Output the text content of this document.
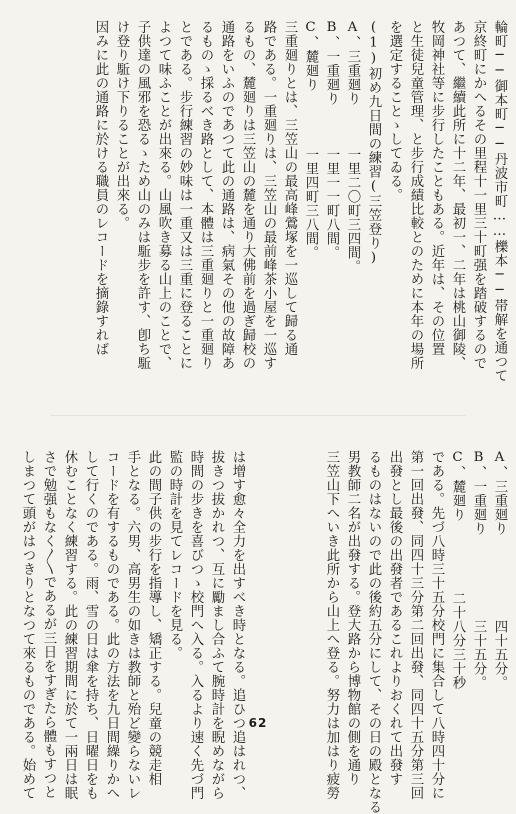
輪町──御本町──丹波市町……櫟本──帯解を通つて
京終町にかへるその里程十一里三十町强を踏破するので
あつて、繼續此所に十二年、最初一、二年は桃山御陵、
牧岡神社等に步行したこともある。近年は、その位置
と生徒兒童管理、と步行成績比較とのために本年の場所
を選定することゝしてゐる。
(1)初め九日間の練習(三笠登り)
A、三重廻り　　　一里二〇町三四間。
B、一重廻り　　　一里一一町八間。
C、麓廻り　　　　一里四町三八間。
三重廻りとは、三笠山の最高峰鶯塚を一巡して歸る通
路である。一重廻りは、三笠山の最前峰茶小屋を一巡す
るもの、麓廻りは三笠山の麓を通り大佛前を過ぎ歸校の
通路をいふのであつて此の通路は、病氣その他の故障あ
るものゝ採るべき路として、本體は三重廻りと一重廻り
とである。步行練習の妙味は一重又は三重に登ることに
よつて味ふことが出來る。山風吹き募る山上のことで、
子供達の風邪を恐るゝため山のみは駈步を許す、卽ち駈
け登り駈け下りることが出來る。
因みに此の通路に於ける職員のレコードを摘錄すれば
A、三重廻り　　　　　　四十五分。
B、一重廻り　　　　　　三十五分。
C、麓廻り　　　　　二十八分三十秒
である。先づ八時三十五分校門に集合して八時四十分に
第一回出發、同四十三分第二回出發、同四十五分第三回
出發とし最後の出發者であるこれよりおくれて出發す
るものはないので此の後約五分にして、その日の殿となる
男教師二名が出發する。登大路から博物館の側を通り
三笠山下へいき此所から山上へ登る。努力は加はり疲勞
は增す愈々全力を出すべき時となる。追ひつ追はれつ、
拔きつ拔かれつ、互に勵まし合ふて腕時計を睨めながら
時間の步きを喜びつゝ校門へ入る。入るより速く先づ門
監の時計を見てレコードを見る。
此の間子供の步行を指導し、矯正する。兒童の競走相
手となる。六男、高男生の如きは教師と殆ど變らないレ
コードを有するものである。此の方法を九日間繰りかへ
して行くのである。雨、雪の日は傘を持ち、日曜日をも
休むことなく練習する。此の練習期間に於て一兩日は眠
さで勉强もなく〳〵であるが三日をすぎたら體もすつと
しまつて頭がはつきりとなつて來るものである。始めて	62
